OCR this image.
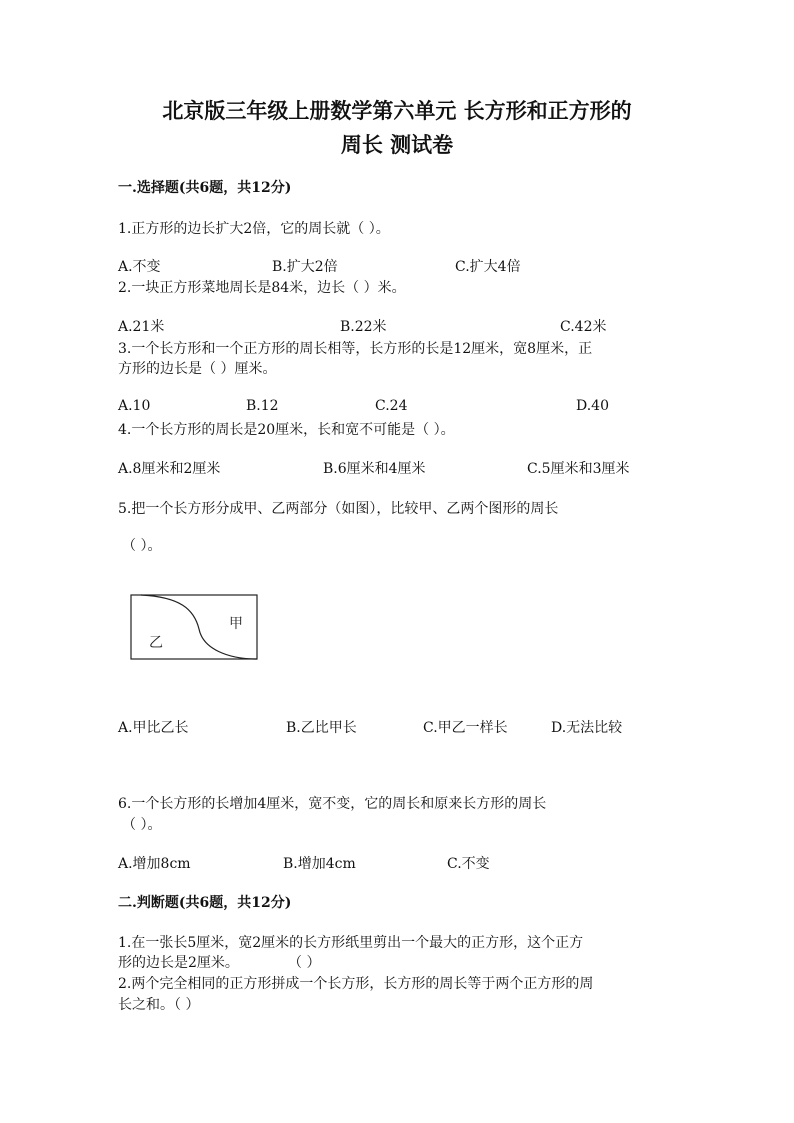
北京版三年级上册数学第六单元 长方形和正方形的
周长 测试卷
一.选择题(共6题，共12分)
1.正方形的边长扩大2倍，它的周长就（ ）。
A.不变	B.扩大2倍	C.扩大4倍
2.一块正方形菜地周长是84米，边长（ ）米。
A.21米	B.22米	C.42米
3.一个长方形和一个正方形的周长相等，长方形的长是12厘米，宽8厘米，正
方形的边长是（ ）厘米。
A.10	B.12	C.24	D.40
4.一个长方形的周长是20厘米，长和宽不可能是（ ）。
A.8厘米和2厘米	B.6厘米和4厘米	C.5厘米和3厘米
5.把一个长方形分成甲、乙两部分（如图），比较甲、乙两个图形的周长
（ ）。
甲
乙
A.甲比乙长	B.乙比甲长	C.甲乙一样长	D.无法比较
6.一个长方形的长增加4厘米，宽不变，它的周长和原来长方形的周长
（ ）。
A.增加8cm	B.增加4cm	C.不变
二.判断题(共6题，共12分)
1.在一张长5厘米，宽2厘米的长方形纸里剪出一个最大的正方形，这个正方
形的边长是2厘米。	（ ）
2.两个完全相同的正方形拼成一个长方形，长方形的周长等于两个正方形的周
长之和。（ ）
